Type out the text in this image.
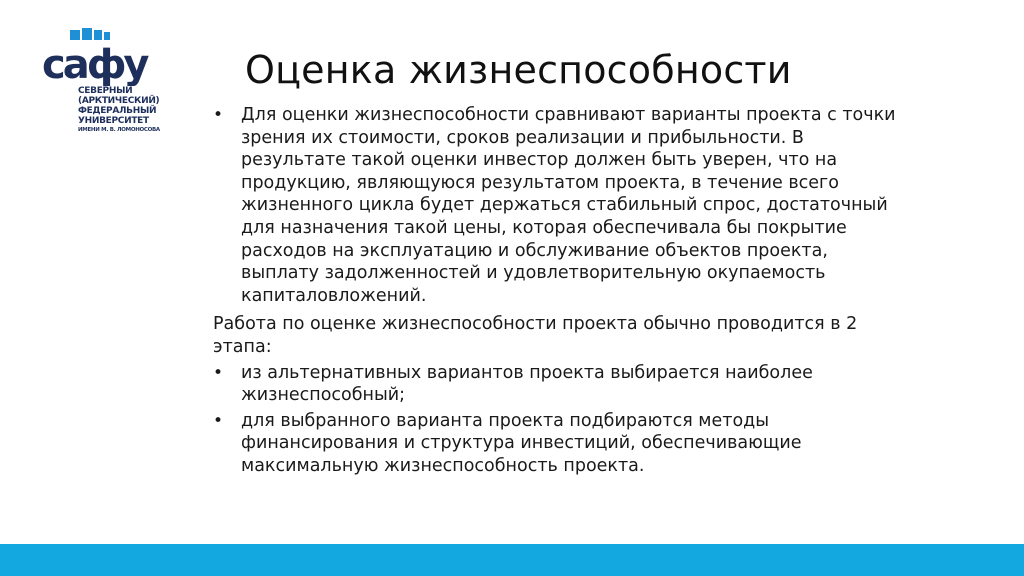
сафу
СЕВЕРНЫЙ
(АРКТИЧЕСКИЙ)
ФЕДЕРАЛЬНЫЙ
УНИВЕРСИТЕТ
ИМЕНИ М. В. ЛОМОНОСОВА
Оценка жизнеспособности
• Для оценки жизнеспособности сравнивают варианты проекта с точки зрения их стоимости, сроков реализации и прибыльности. В результате такой оценки инвестор должен быть уверен, что на продукцию, являющуюся результатом проекта, в течение всего жизненного цикла будет держаться стабильный спрос, достаточный для назначения такой цены, которая обеспечивала бы покрытие расходов на эксплуатацию и обслуживание объектов проекта, выплату задолженностей и удовлетворительную окупаемость капиталовложений.
Работа по оценке жизнеспособности проекта обычно проводится в 2 этапа:
• из альтернативных вариантов проекта выбирается наиболее жизнеспособный;
• для выбранного варианта проекта подбираются методы финансирования и структура инвестиций, обеспечивающие максимальную жизнеспособность проекта.
